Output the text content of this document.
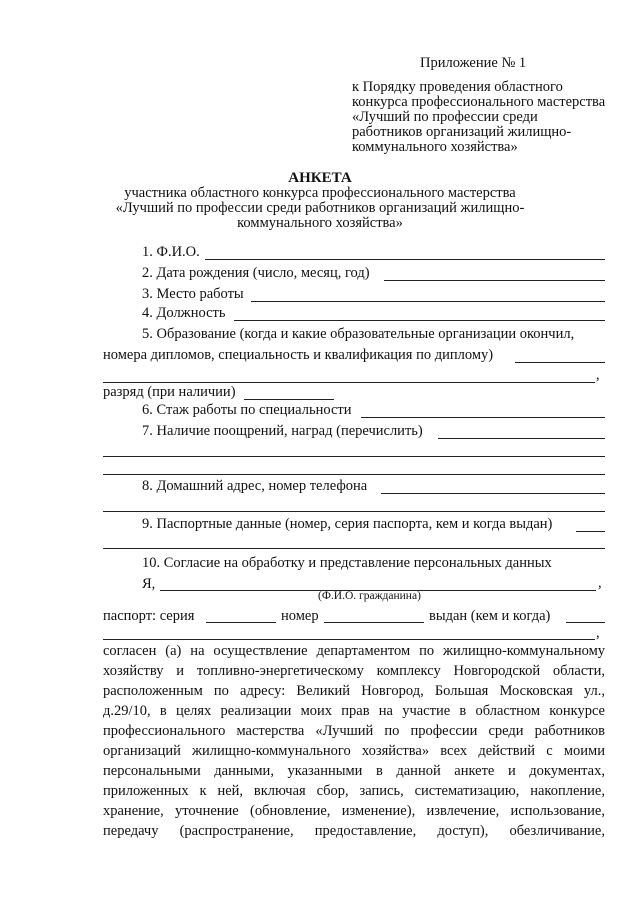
Приложение № 1
к Порядку проведения областного
конкурса профессионального мастерства
«Лучший по профессии среди
работников организаций жилищно-
коммунального хозяйства»
АНКЕТА
участника областного конкурса профессионального мастерства
«Лучший по профессии среди работников организаций жилищно-
коммунального хозяйства»
1. Ф.И.О.
2. Дата рождения (число, месяц, год)
3. Место работы
4. Должность
5. Образование (когда и какие образовательные организации окончил,
номера дипломов, специальность и квалификация по диплому)
,
разряд (при наличии)
6. Стаж работы по специальности
7. Наличие поощрений, наград (перечислить)
8. Домашний адрес, номер телефона
9. Паспортные данные (номер, серия паспорта, кем и когда выдан)
10. Согласие на обработку и представление персональных данных
Я,	,
(Ф.И.О. гражданина)
паспорт: серия	номер	выдан (кем и когда)
,
согласен (а) на осуществление департаментом по жилищно-коммунальному
хозяйству и топливно-энергетическому комплексу Новгородской области,
расположенным по адресу: Великий Новгород, Большая Московская ул.,
д.29/10, в целях реализации моих прав на участие в областном конкурсе
профессионального мастерства «Лучший по профессии среди работников
организаций жилищно-коммунального хозяйства» всех действий с моими
персональными данными, указанными в данной анкете и документах,
приложенных к ней, включая сбор, запись, систематизацию, накопление,
хранение, уточнение (обновление, изменение), извлечение, использование,
передачу (распространение, предоставление, доступ), обезличивание,
